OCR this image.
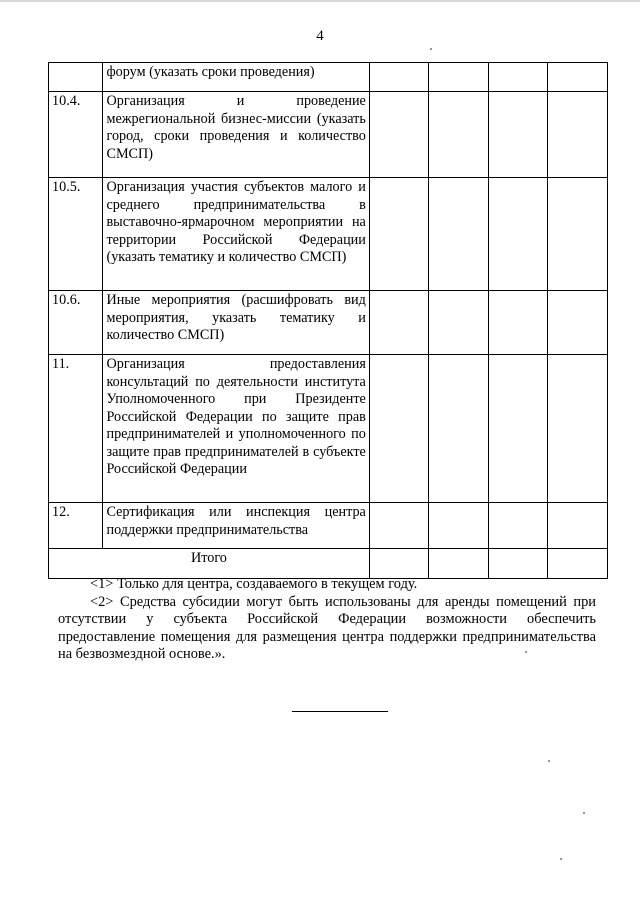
4
	форум (указать сроки проведения)				
10.4.	Организация и проведение межрегиональной бизнес-миссии (указать город, сроки проведения и количество СМСП)				
10.5.	Организация участия субъектов малого и среднего предпринимательства в выставочно-ярмарочном мероприятии на территории Российской Федерации (указать тематику и количество СМСП)				
10.6.	Иные мероприятия (расшифровать вид мероприятия, указать тематику и количество СМСП)				
11.	Организация предоставления консультаций по деятельности института Уполномоченного при Президенте Российской Федерации по защите прав предпринимателей и уполномоченного по защите прав предпринимателей в субъекте Российской Федерации				
12.	Сертификация или инспекция центра поддержки предпринимательства				
Итого					

<1> Только для центра, создаваемого в текущем году.

<2> Средства субсидии могут быть использованы для аренды помещений при отсутствии у субъекта Российской Федерации возможности обеспечить предоставление помещения для размещения центра поддержки предпринимательства на безвозмездной основе.».
